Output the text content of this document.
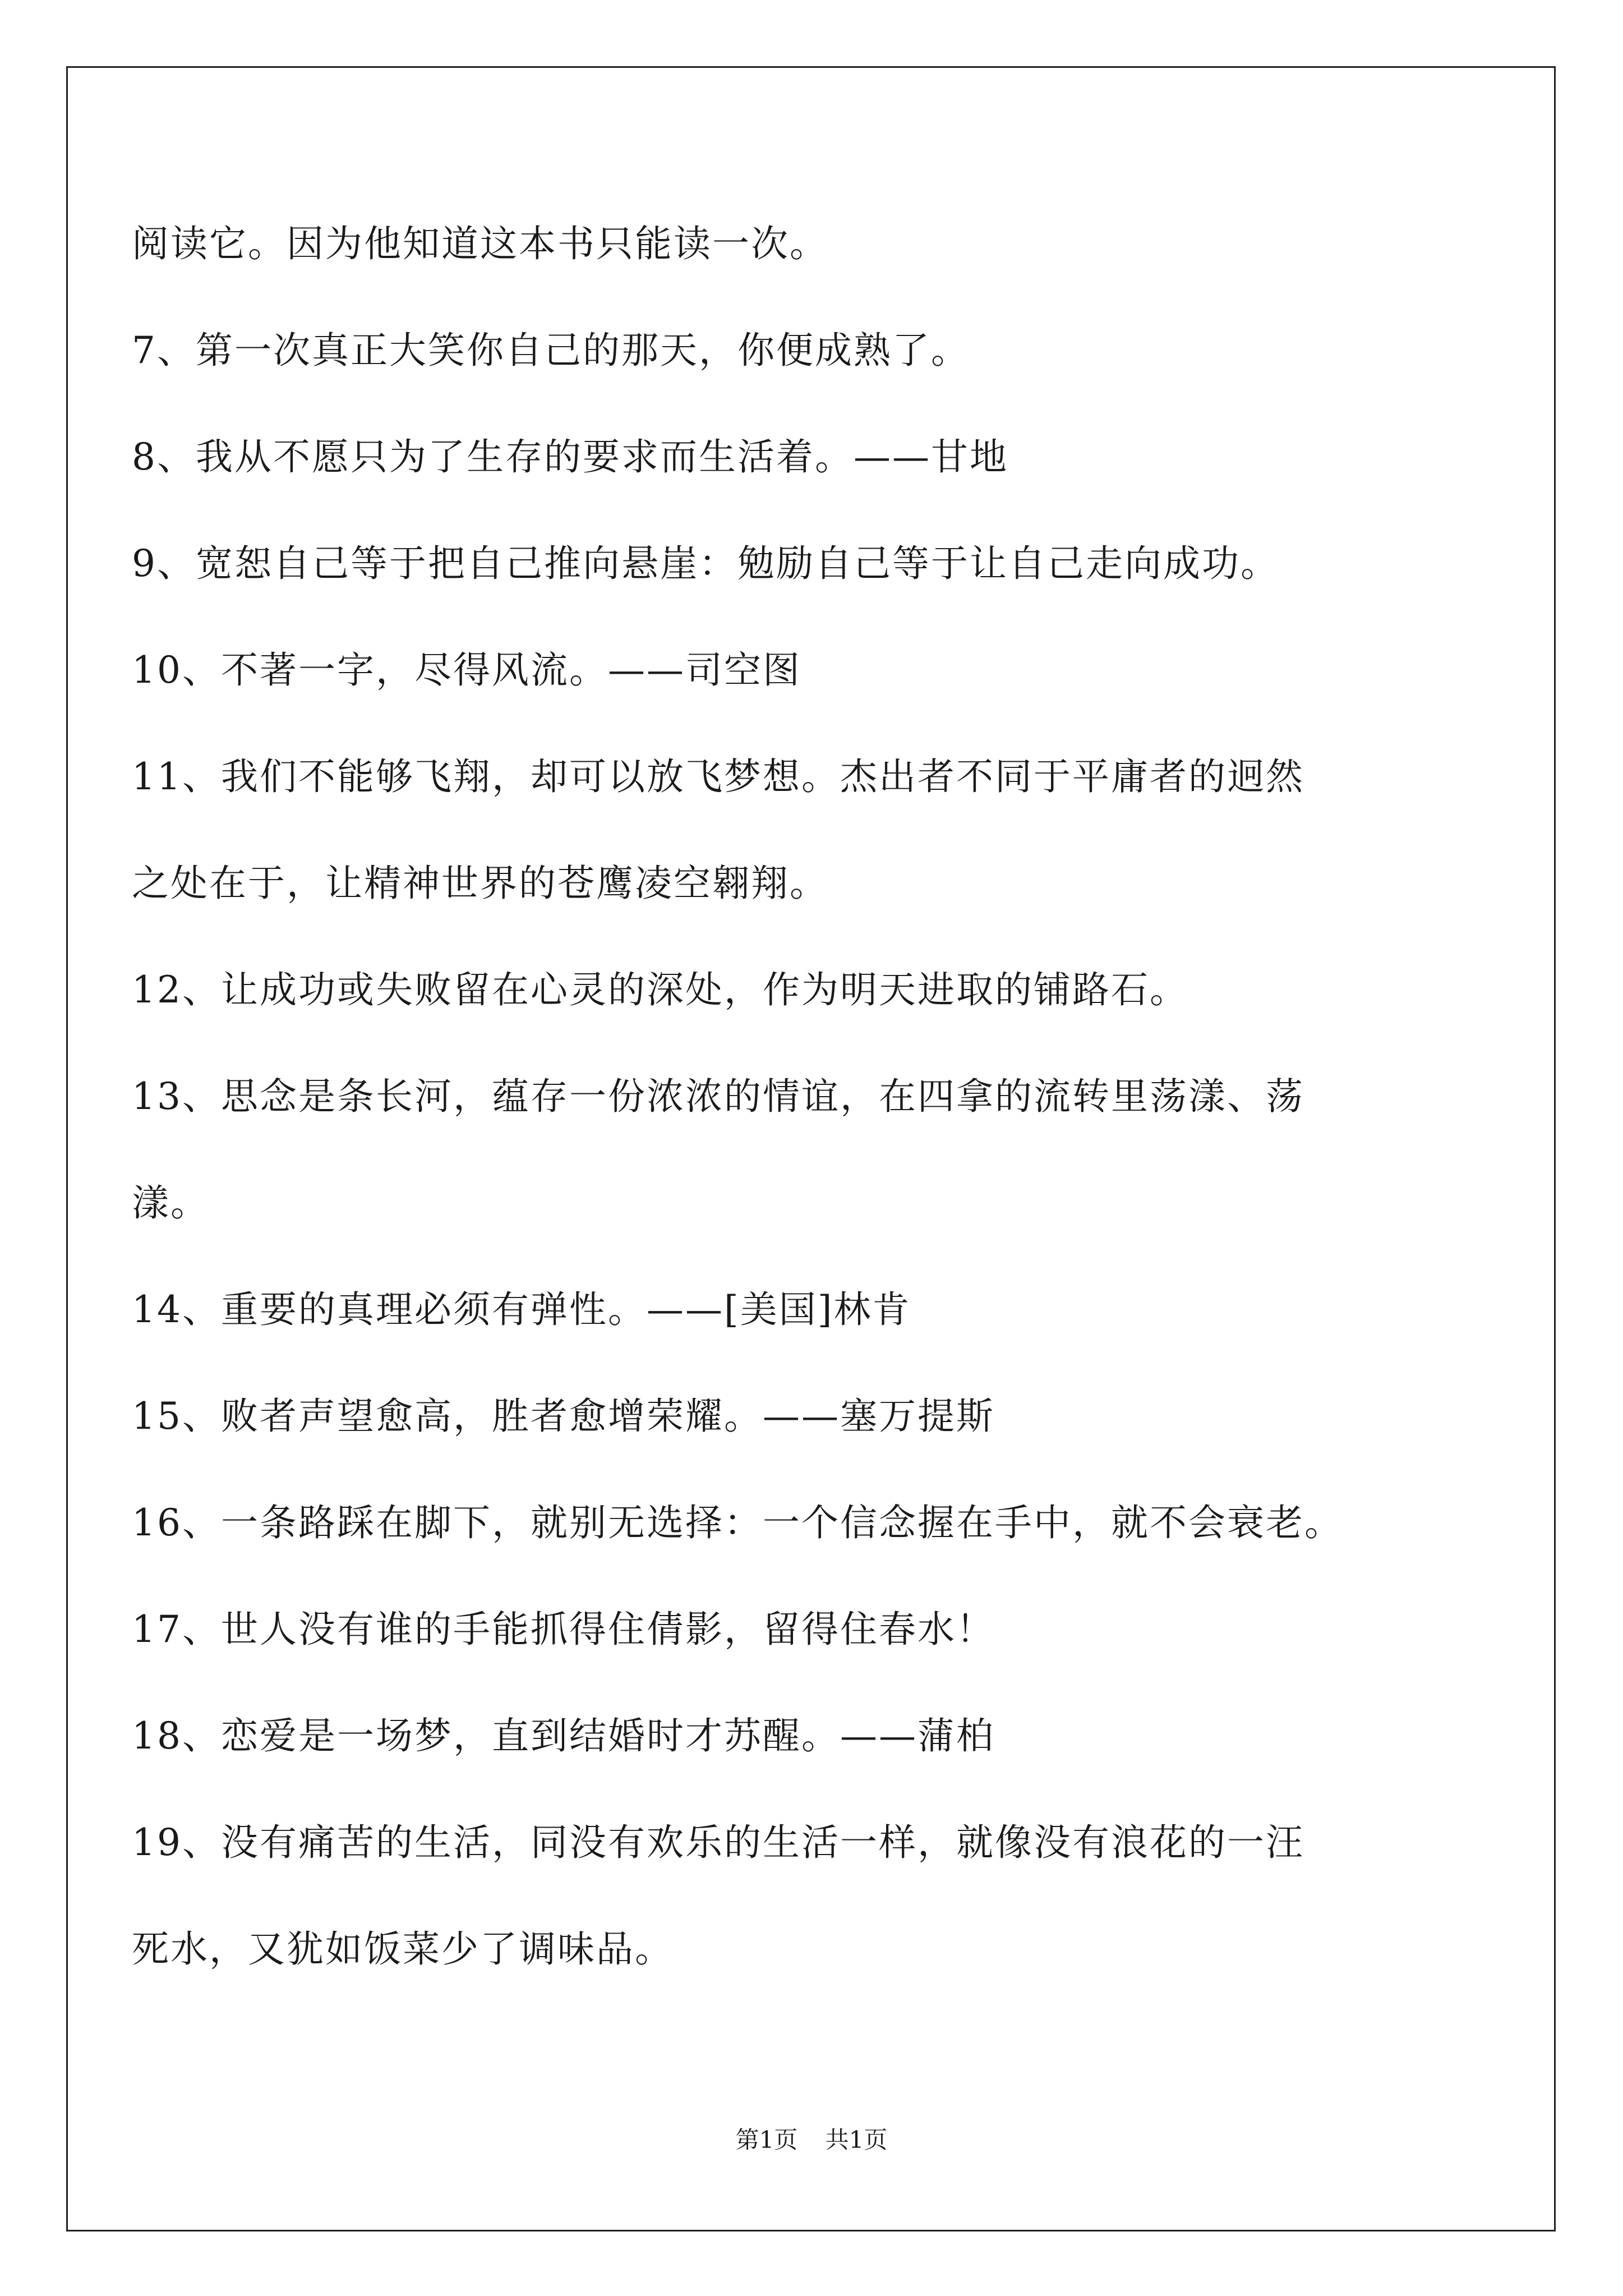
阅读它。因为他知道这本书只能读一次。
7、第一次真正大笑你自己的那天，你便成熟了。
8、我从不愿只为了生存的要求而生活着。——甘地
9、宽恕自己等于把自己推向悬崖：勉励自己等于让自己走向成功。
10、不著一字，尽得风流。——司空图
11、我们不能够飞翔，却可以放飞梦想。杰出者不同于平庸者的迥然
之处在于，让精神世界的苍鹰凌空翱翔。
12、让成功或失败留在心灵的深处，作为明天进取的铺路石。
13、思念是条长河，蕴存一份浓浓的情谊，在四拿的流转里荡漾、荡
漾。
14、重要的真理必须有弹性。——[美国]林肯
15、败者声望愈高，胜者愈增荣耀。——塞万提斯
16、一条路踩在脚下，就别无选择：一个信念握在手中，就不会衰老。
17、世人没有谁的手能抓得住倩影，留得住春水！
18、恋爱是一场梦，直到结婚时才苏醒。——蒲柏
19、没有痛苦的生活，同没有欢乐的生活一样，就像没有浪花的一汪
死水，又犹如饭菜少了调味品。
第1页 共1页
